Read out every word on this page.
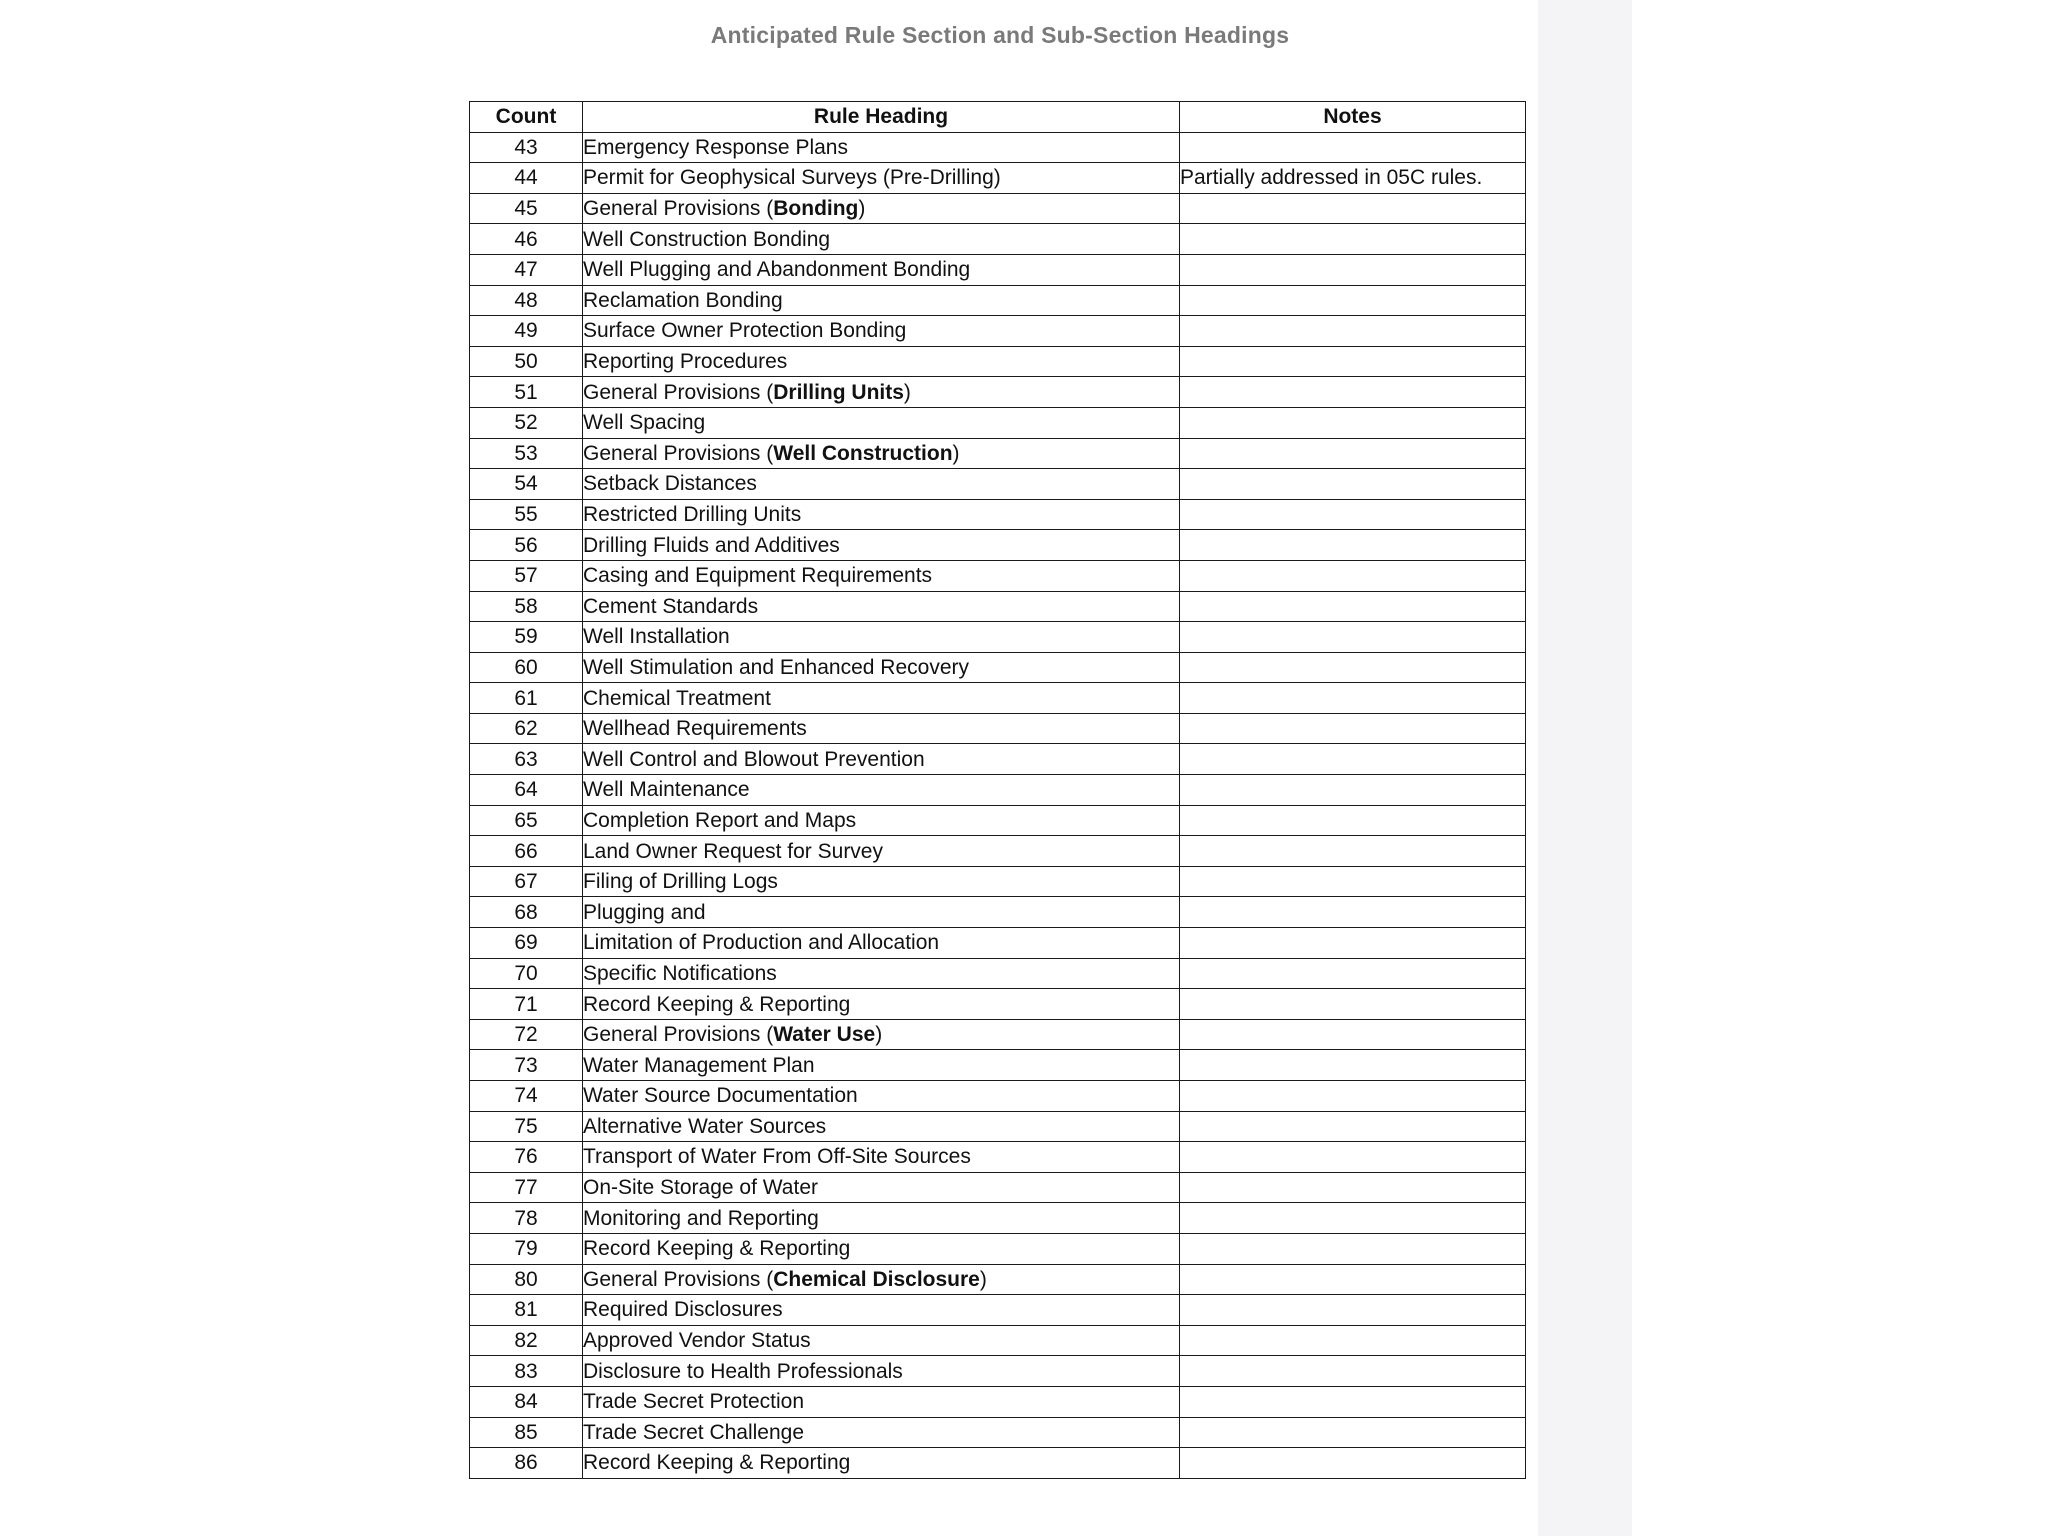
Anticipated Rule Section and Sub-Section Headings
Count	Rule Heading	Notes
43	Emergency Response Plans	
44	Permit for Geophysical Surveys (Pre-Drilling)	Partially addressed in 05C rules.
45	General Provisions (Bonding)	
46	Well Construction Bonding	
47	Well Plugging and Abandonment Bonding	
48	Reclamation Bonding	
49	Surface Owner Protection Bonding	
50	Reporting Procedures	
51	General Provisions (Drilling Units)	
52	Well Spacing	
53	General Provisions (Well Construction)	
54	Setback Distances	
55	Restricted Drilling Units	
56	Drilling Fluids and Additives	
57	Casing and Equipment Requirements	
58	Cement Standards	
59	Well Installation	
60	Well Stimulation and Enhanced Recovery	
61	Chemical Treatment	
62	Wellhead Requirements	
63	Well Control and Blowout Prevention	
64	Well Maintenance	
65	Completion Report and Maps	
66	Land Owner Request for Survey	
67	Filing of Drilling Logs	
68	Plugging and	
69	Limitation of Production and Allocation	
70	Specific Notifications	
71	Record Keeping & Reporting	
72	General Provisions (Water Use)	
73	Water Management Plan	
74	Water Source Documentation	
75	Alternative Water Sources	
76	Transport of Water From Off-Site Sources	
77	On-Site Storage of Water	
78	Monitoring and Reporting	
79	Record Keeping & Reporting	
80	General Provisions (Chemical Disclosure)	
81	Required Disclosures	
82	Approved Vendor Status	
83	Disclosure to Health Professionals	
84	Trade Secret Protection	
85	Trade Secret Challenge	
86	Record Keeping & Reporting	
